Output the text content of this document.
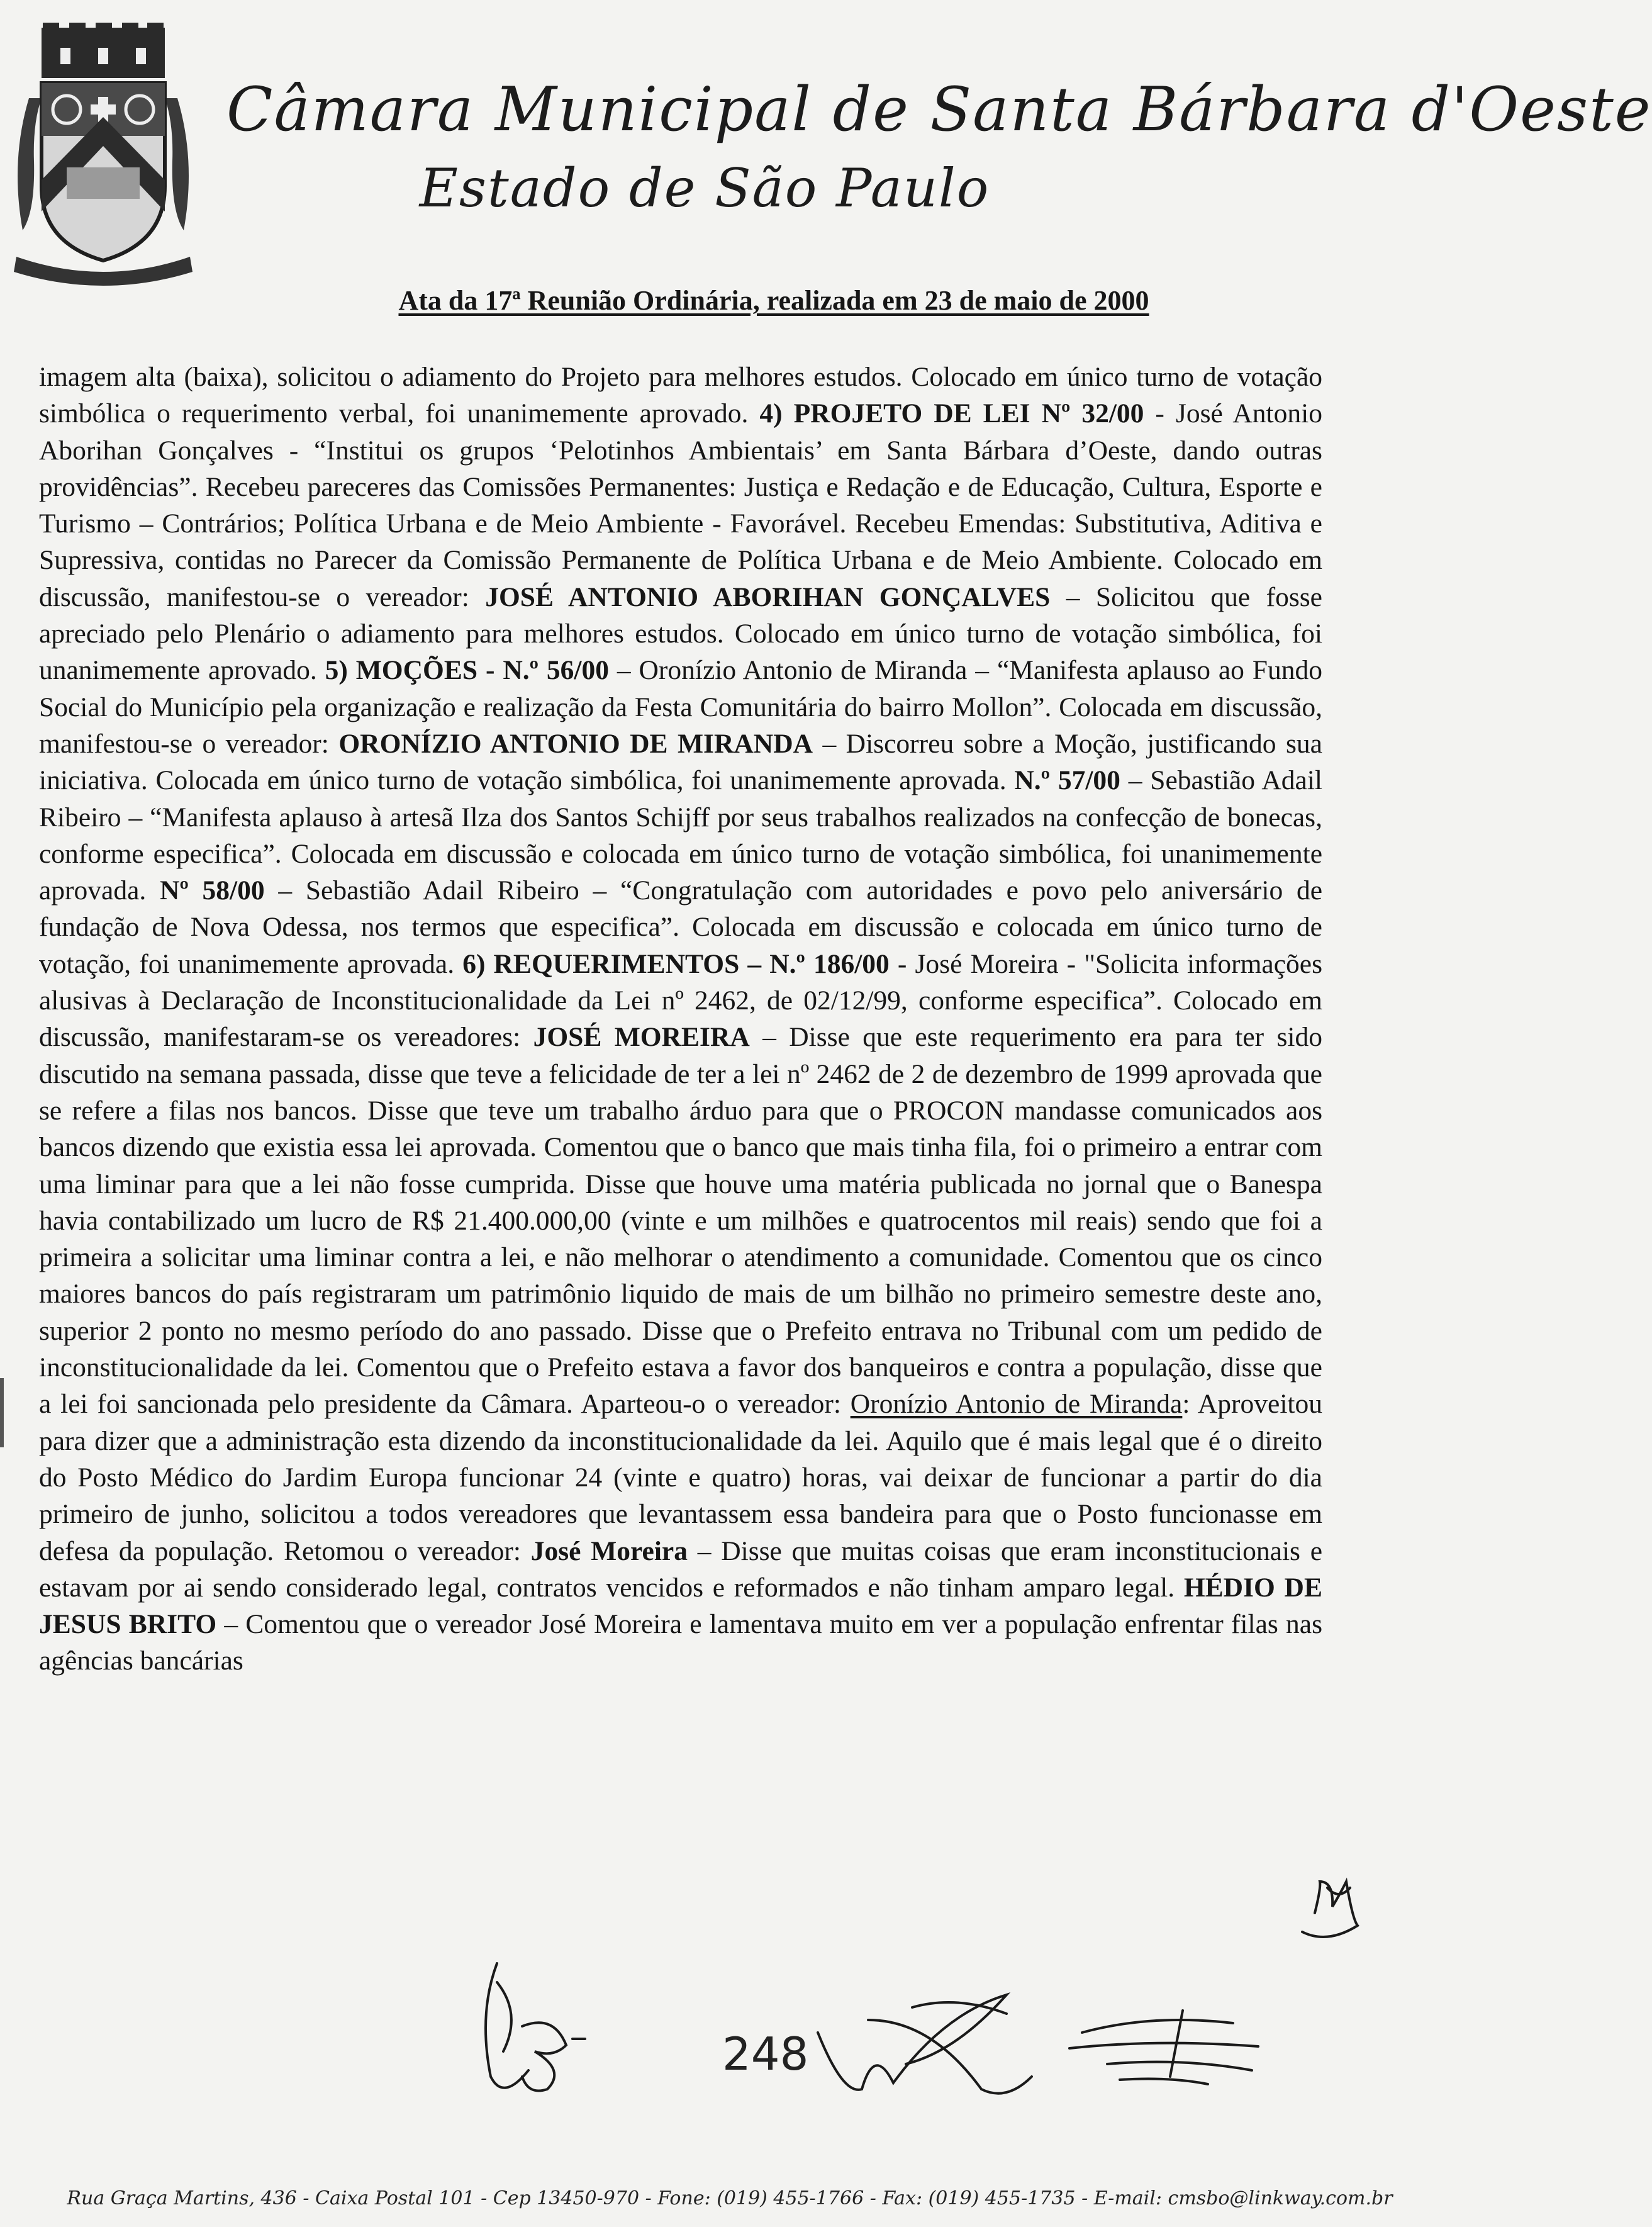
Câmara Municipal de Santa Bárbara d'Oeste
Estado de São Paulo
Ata da 17ª Reunião Ordinária, realizada em 23 de maio de 2000
imagem alta (baixa), solicitou o adiamento do Projeto para melhores estudos. Colocado em único turno de votação simbólica o requerimento verbal, foi unanimemente aprovado. 4) PROJETO DE LEI Nº 32/00 - José Antonio Aborihan Gonçalves - “Institui os grupos ‘Pelotinhos Ambientais’ em Santa Bárbara d’Oeste, dando outras providências”. Recebeu pareceres das Comissões Permanentes: Justiça e Redação e de Educação, Cultura, Esporte e Turismo – Contrários; Política Urbana e de Meio Ambiente - Favorável. Recebeu Emendas: Substitutiva, Aditiva e Supressiva, contidas no Parecer da Comissão Permanente de Política Urbana e de Meio Ambiente. Colocado em discussão, manifestou-se o vereador: JOSÉ ANTONIO ABORIHAN GONÇALVES – Solicitou que fosse apreciado pelo Plenário o adiamento para melhores estudos. Colocado em único turno de votação simbólica, foi unanimemente aprovado. 5) MOÇÕES - N.º 56/00 – Oronízio Antonio de Miranda – “Manifesta aplauso ao Fundo Social do Município pela organização e realização da Festa Comunitária do bairro Mollon”. Colocada em discussão, manifestou-se o vereador: ORONÍZIO ANTONIO DE MIRANDA – Discorreu sobre a Moção, justificando sua iniciativa. Colocada em único turno de votação simbólica, foi unanimemente aprovada. N.º 57/00 – Sebastião Adail Ribeiro – “Manifesta aplauso à artesã Ilza dos Santos Schijff por seus trabalhos realizados na confecção de bonecas, conforme especifica”. Colocada em discussão e colocada em único turno de votação simbólica, foi unanimemente aprovada. Nº 58/00 – Sebastião Adail Ribeiro – “Congratulação com autoridades e povo pelo aniversário de fundação de Nova Odessa, nos termos que especifica”. Colocada em discussão e colocada em único turno de votação, foi unanimemente aprovada. 6) REQUERIMENTOS – N.º 186/00 - José Moreira - "Solicita informações alusivas à Declaração de Inconstitucionalidade da Lei nº 2462, de 02/12/99, conforme especifica”. Colocado em discussão, manifestaram-se os vereadores: JOSÉ MOREIRA – Disse que este requerimento era para ter sido discutido na semana passada, disse que teve a felicidade de ter a lei nº 2462 de 2 de dezembro de 1999 aprovada que se refere a filas nos bancos. Disse que teve um trabalho árduo para que o PROCON mandasse comunicados aos bancos dizendo que existia essa lei aprovada. Comentou que o banco que mais tinha fila, foi o primeiro a entrar com uma liminar para que a lei não fosse cumprida. Disse que houve uma matéria publicada no jornal que o Banespa havia contabilizado um lucro de R$ 21.400.000,00 (vinte e um milhões e quatrocentos mil reais) sendo que foi a primeira a solicitar uma liminar contra a lei, e não melhorar o atendimento a comunidade. Comentou que os cinco maiores bancos do país registraram um patrimônio liquido de mais de um bilhão no primeiro semestre deste ano, superior 2 ponto no mesmo período do ano passado. Disse que o Prefeito entrava no Tribunal com um pedido de inconstitucionalidade da lei. Comentou que o Prefeito estava a favor dos banqueiros e contra a população, disse que a lei foi sancionada pelo presidente da Câmara. Aparteou-o o vereador: Oronízio Antonio de Miranda: Aproveitou para dizer que a administração esta dizendo da inconstitucionalidade da lei. Aquilo que é mais legal que é o direito do Posto Médico do Jardim Europa funcionar 24 (vinte e quatro) horas, vai deixar de funcionar a partir do dia primeiro de junho, solicitou a todos vereadores que levantassem essa bandeira para que o Posto funcionasse em defesa da população. Retomou o vereador: José Moreira – Disse que muitas coisas que eram inconstitucionais e estavam por ai sendo considerado legal, contratos vencidos e reformados e não tinham amparo legal. HÉDIO DE JESUS BRITO – Comentou que o vereador José Moreira e lamentava muito em ver a população enfrentar filas nas agências bancárias
248
Rua Graça Martins, 436 - Caixa Postal 101 - Cep 13450-970 - Fone: (019) 455-1766 - Fax: (019) 455-1735 - E-mail: cmsbo@linkway.com.br
